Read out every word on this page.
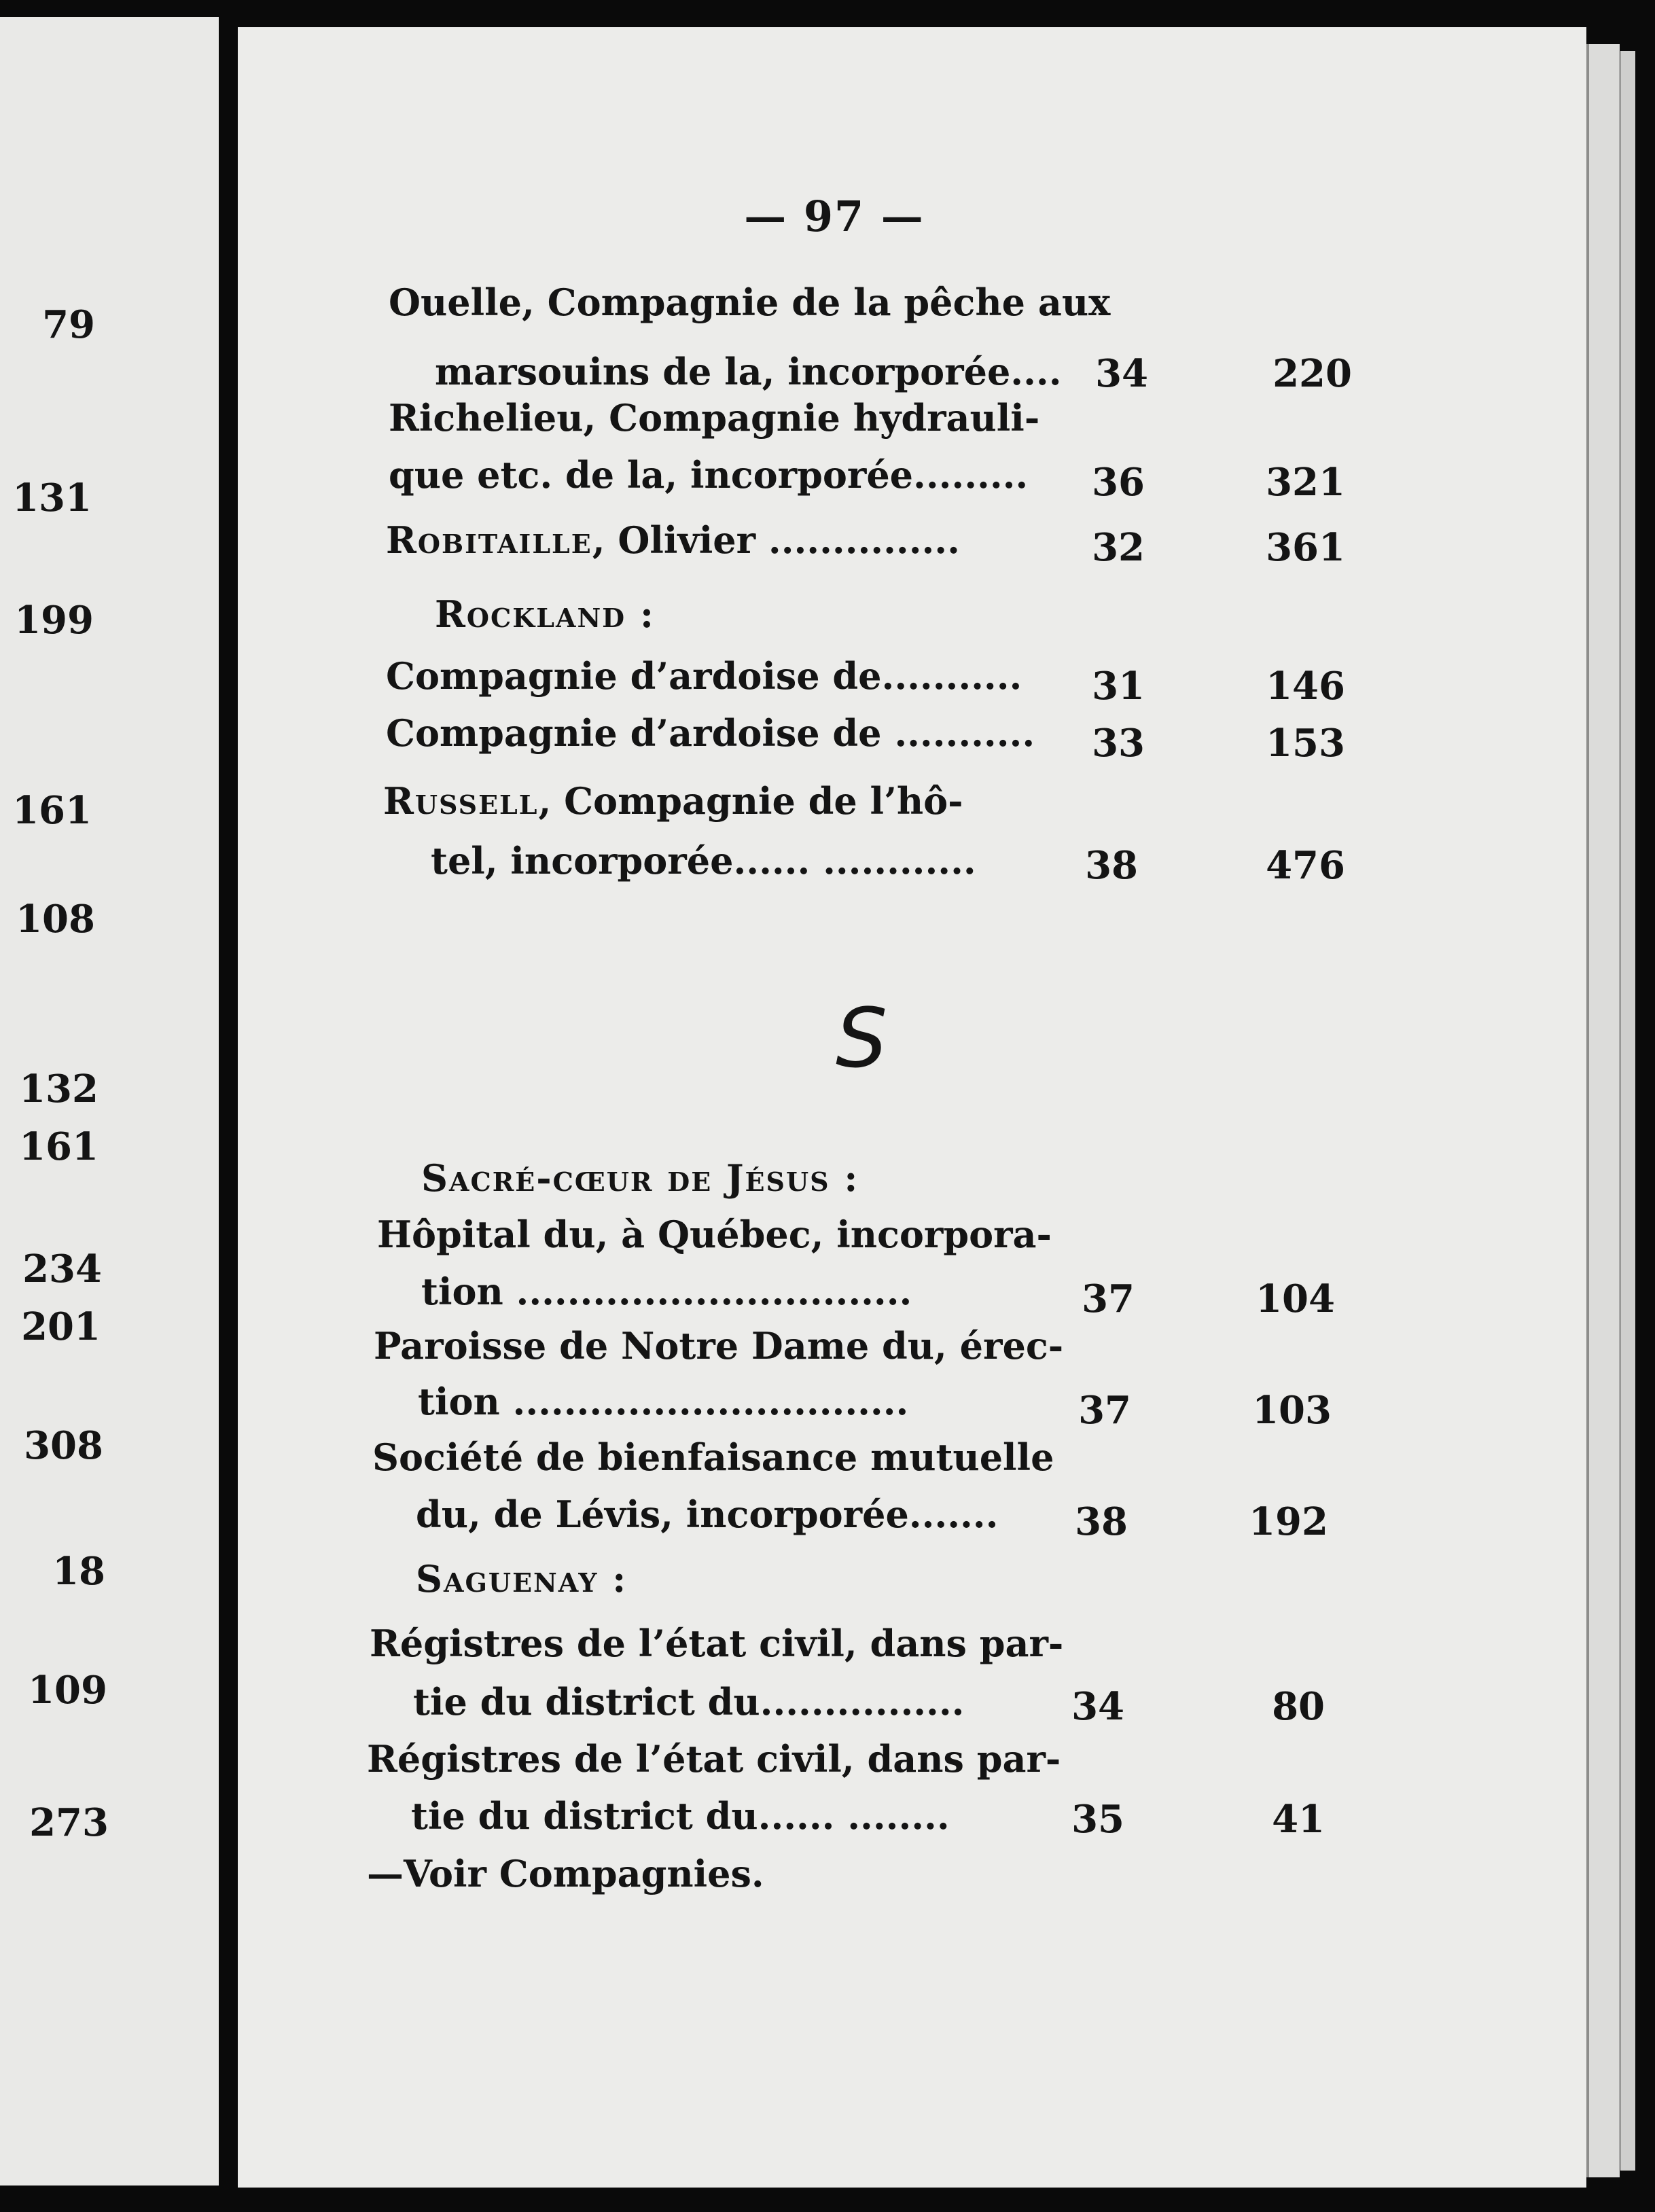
79
131
199
161
108
132
161
234
201
308
18
109
273
— 97 —
Ouelle, Compagnie de la pêche aux
marsouins de la, incorporée.... 34	220
Richelieu, Compagnie hydrauli-
que etc. de la, incorporée......... 36	321
Robitaille, Olivier ...............	32	361
Rockland :
Compagnie d’ardoise de........... 31	146
Compagnie d’ardoise de ........... 33	153
Russell, Compagnie de l’hô-
tel, incorporée...... ............	38	476
S
Sacré-cœur de Jésus :
Hôpital du, à Québec, incorpora-
tion ...............................	37	104
Paroisse de Notre Dame du, érec-
tion ...............................	37	103
Société de bienfaisance mutuelle
du, de Lévis, incorporée....... 38	192
Saguenay :
Régistres de l’état civil, dans par-
tie du district du................	34	80
Régistres de l’état civil, dans par-
tie du district du...... ........	35	41
—Voir Compagnies.
